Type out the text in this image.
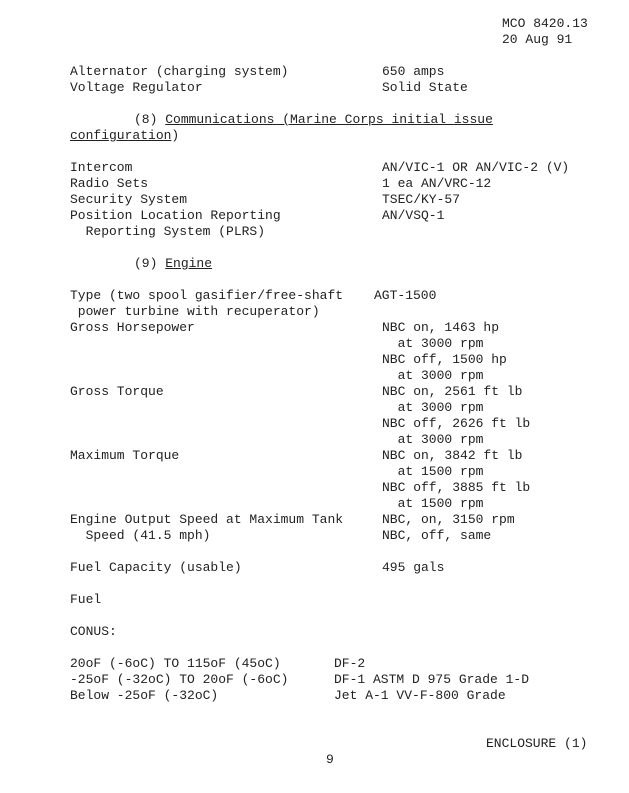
MCO 8420.13
20 Aug 91
Alternator (charging system)	650 amps
Voltage Regulator	Solid State
(8) Communications (Marine Corps initial issue
configuration)
Intercom	AN/VIC-1 OR AN/VIC-2 (V)
Radio Sets	1 ea AN/VRC-12
Security System	TSEC/KY-57
Position Location Reporting	AN/VSQ-1
Reporting System (PLRS)
(9) Engine
Type (two spool gasifier/free-shaft AGT-1500
power turbine with recuperator)
Gross Horsepower	NBC on, 1463 hp
at 3000 rpm
NBC off, 1500 hp
at 3000 rpm
Gross Torque	NBC on, 2561 ft lb
at 3000 rpm
NBC off, 2626 ft lb
at 3000 rpm
Maximum Torque	NBC on, 3842 ft lb
at 1500 rpm
NBC off, 3885 ft lb
at 1500 rpm
Engine Output Speed at Maximum Tank	NBC, on, 3150 rpm
Speed (41.5 mph)	NBC, off, same
Fuel Capacity (usable)	495 gals
Fuel
CONUS:
20oF (-6oC) TO 115oF (45oC)	DF-2
-25oF (-32oC) TO 20oF (-6oC)	DF-1 ASTM D 975 Grade 1-D
Below -25oF (-32oC)	Jet A-1 VV-F-800 Grade
ENCLOSURE (1)
9
